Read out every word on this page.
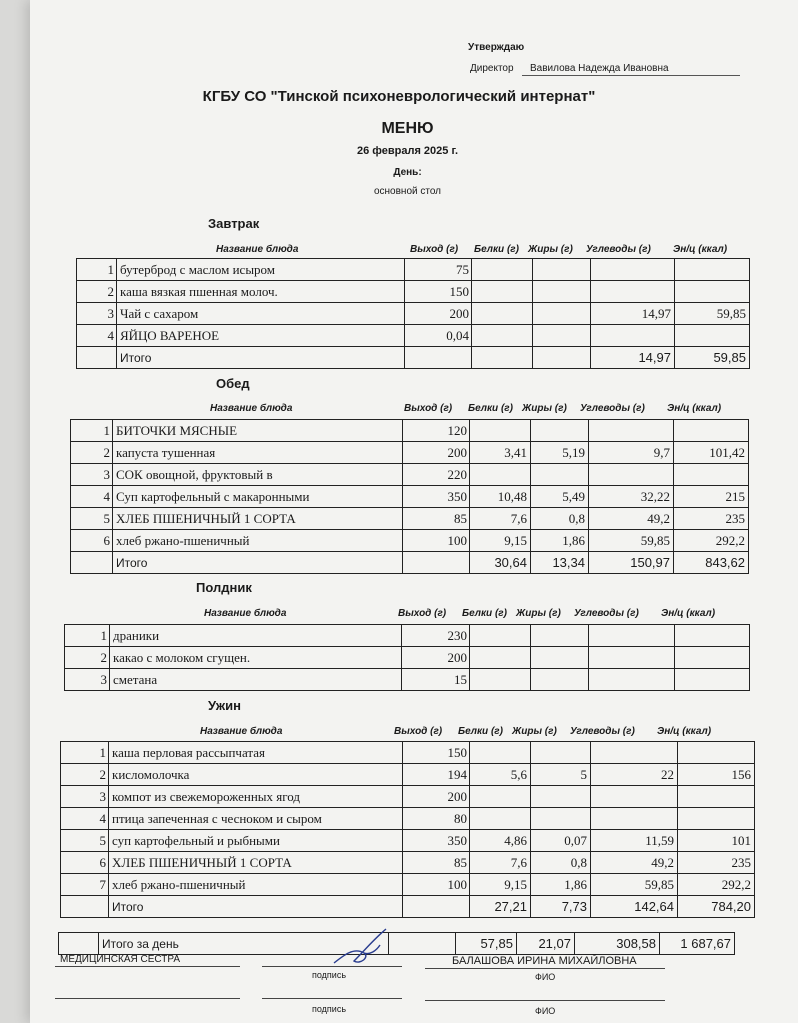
Утверждаю
Директор Вавилова Надежда Ивановна
КГБУ СО "Тинской психоневрологический интернат"
МЕНЮ
26 февраля 2025 г.
День:
основной стол
Завтрак
Название блюда	Выход (г) Белки (г) Жиры (г) Углеводы (г) Эн/ц (ккал)
1	бутерброд с маслом исыром	75				
2	каша вязкая пшенная молоч.	150				
3	Чай с сахаром	200			14,97	59,85
4	ЯЙЦО ВАРЕНОЕ	0,04				
	Итого				14,97	59,85
Обед
Название блюда	Выход (г) Белки (г) Жиры (г) Углеводы (г) Эн/ц (ккал)
1	БИТОЧКИ МЯСНЫЕ	120				
2	капуста тушенная	200	3,41	5,19	9,7	101,42
3	СОК овощной, фруктовый в	220				
4	Суп картофельный с макаронными	350	10,48	5,49	32,22	215
5	ХЛЕБ ПШЕНИЧНЫЙ 1 СОРТА	85	7,6	0,8	49,2	235
6	хлеб ржано-пшеничный	100	9,15	1,86	59,85	292,2
	Итого		30,64	13,34	150,97	843,62
Полдник
Название блюда	Выход (г) Белки (г) Жиры (г) Углеводы (г) Эн/ц (ккал)
1	драники	230				
2	какао с молоком сгущен.	200				
3	сметана	15				
Ужин
Название блюда	Выход (г) Белки (г) Жиры (г) Углеводы (г) Эн/ц (ккал)
1	каша перловая рассыпчатая	150				
2	кисломолочка	194	5,6	5	22	156
3	компот из свежемороженных ягод	200				
4	птица запеченная с чесноком и сыром	80				
5	суп картофельный и рыбными	350	4,86	0,07	11,59	101
6	ХЛЕБ ПШЕНИЧНЫЙ 1 СОРТА	85	7,6	0,8	49,2	235
7	хлеб ржано-пшеничный	100	9,15	1,86	59,85	292,2
	Итого		27,21	7,73	142,64	784,20
	Итого за день		57,85	21,07	308,58	1 687,67
МЕДИЦИНСКАЯ СЕСТРА
подпись
БАЛАШОВА ИРИНА МИХАЙЛОВНА
ФИО
подпись	ФИО
